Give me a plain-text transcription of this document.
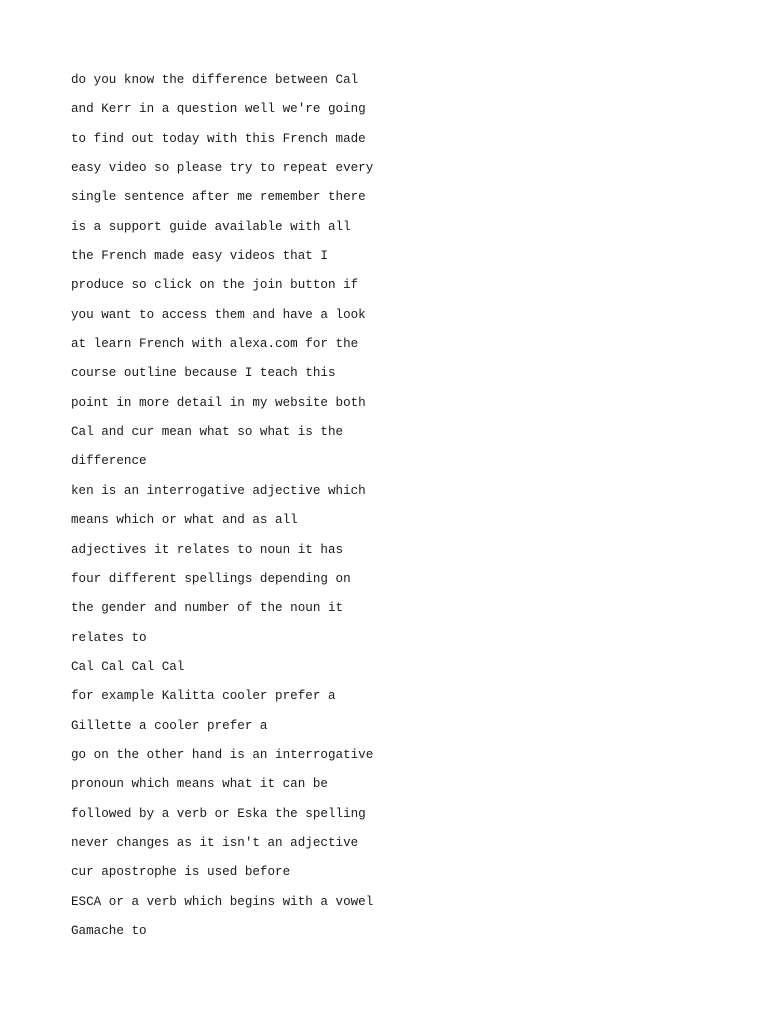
do you know the difference between Cal
and Kerr in a question well we're going
to find out today with this French made
easy video so please try to repeat every
single sentence after me remember there
is a support guide available with all
the French made easy videos that I
produce so click on the join button if
you want to access them and have a look
at learn French with alexa.com for the
course outline because I teach this
point in more detail in my website both
Cal and cur mean what so what is the
difference
ken is an interrogative adjective which
means which or what and as all
adjectives it relates to noun it has
four different spellings depending on
the gender and number of the noun it
relates to
Cal Cal Cal Cal
for example Kalitta cooler prefer a
Gillette a cooler prefer a
go on the other hand is an interrogative
pronoun which means what it can be
followed by a verb or Eska the spelling
never changes as it isn't an adjective
cur apostrophe is used before
ESCA or a verb which begins with a vowel
Gamache to
